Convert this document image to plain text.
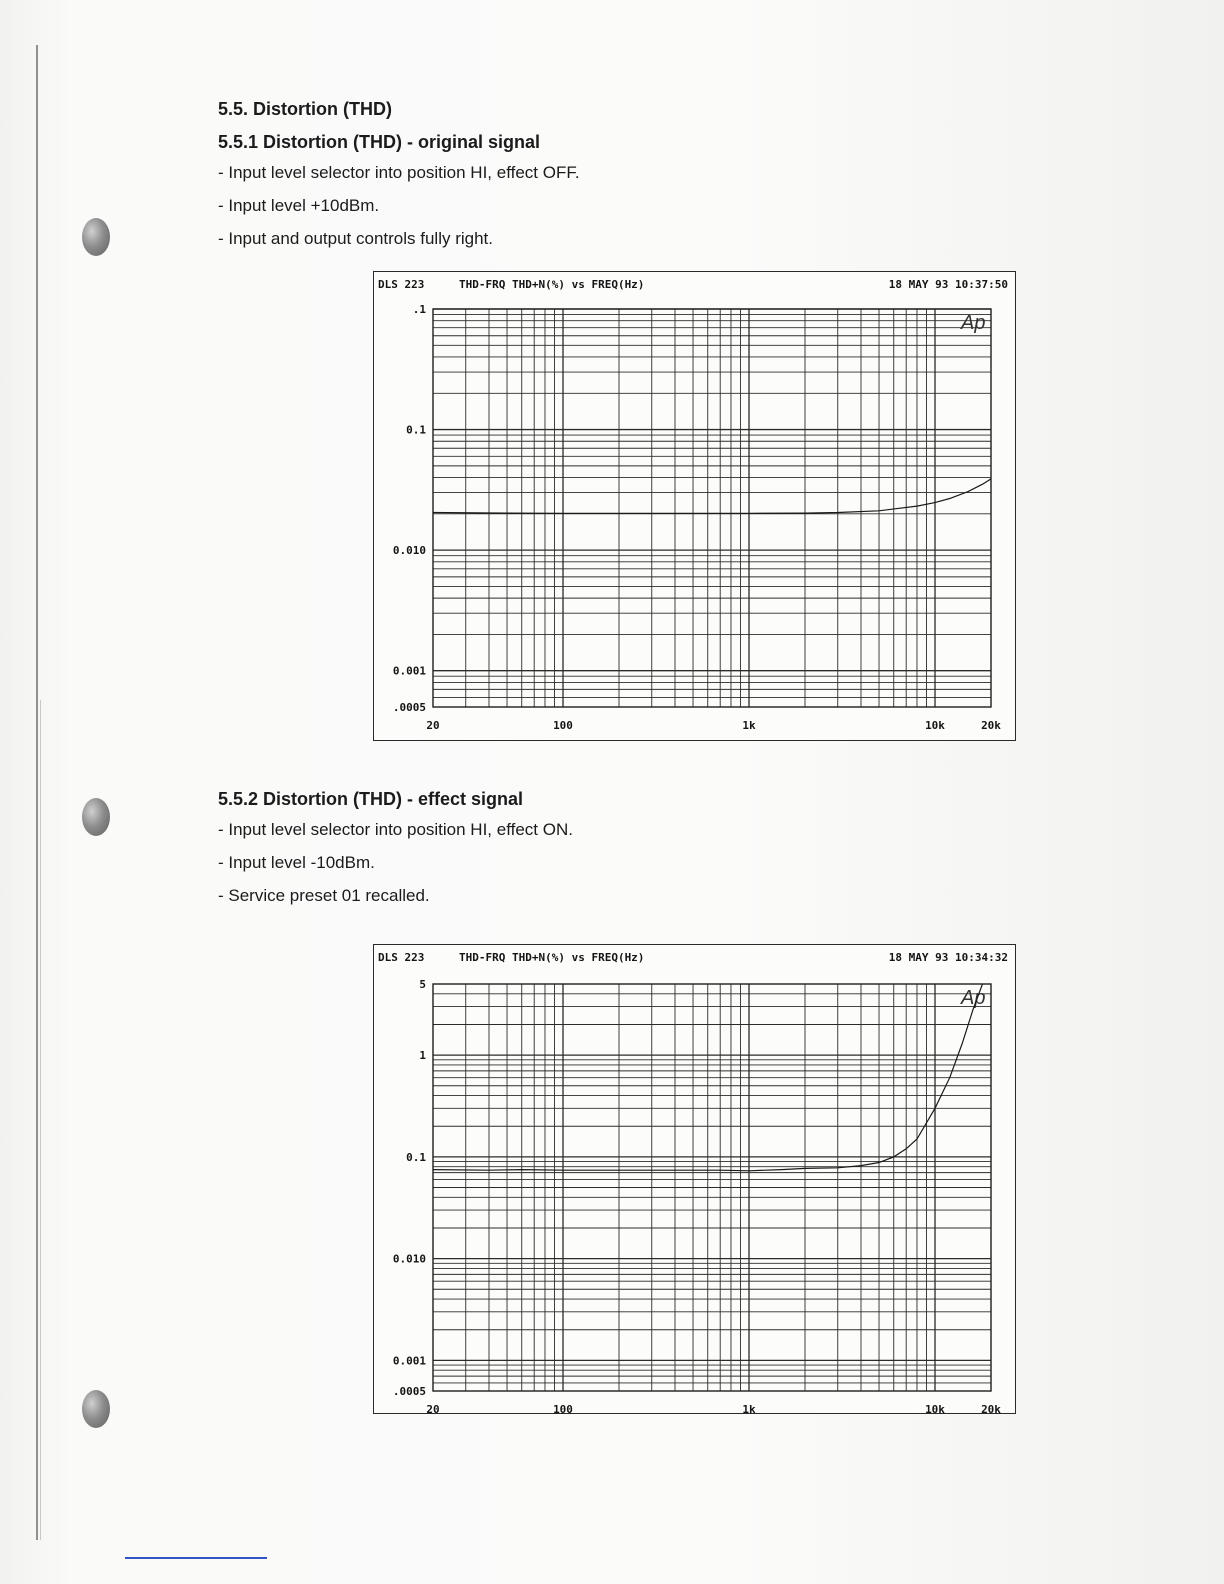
5.5. Distortion (THD)

5.5.1 Distortion (THD) - original signal

- Input level selector into position HI, effect OFF.

- Input level +10dBm.

- Input and output controls fully right.

DLS 223	THD-FRQ THD+N(%) vs FREQ(Hz)	18 MAY 93 10:37:50
.1
0.1
0.010
0.001
.0005
20	100	1k	10k	20k
Ap

5.5.2 Distortion (THD) - effect signal

- Input level selector into position HI, effect ON.

- Input level -10dBm.

- Service preset 01 recalled.

DLS 223	THD-FRQ THD+N(%) vs FREQ(Hz)	18 MAY 93 10:34:32
5
1
0.1
0.010
0.001
.0005
20	100	1k	10k	20k
Ap
